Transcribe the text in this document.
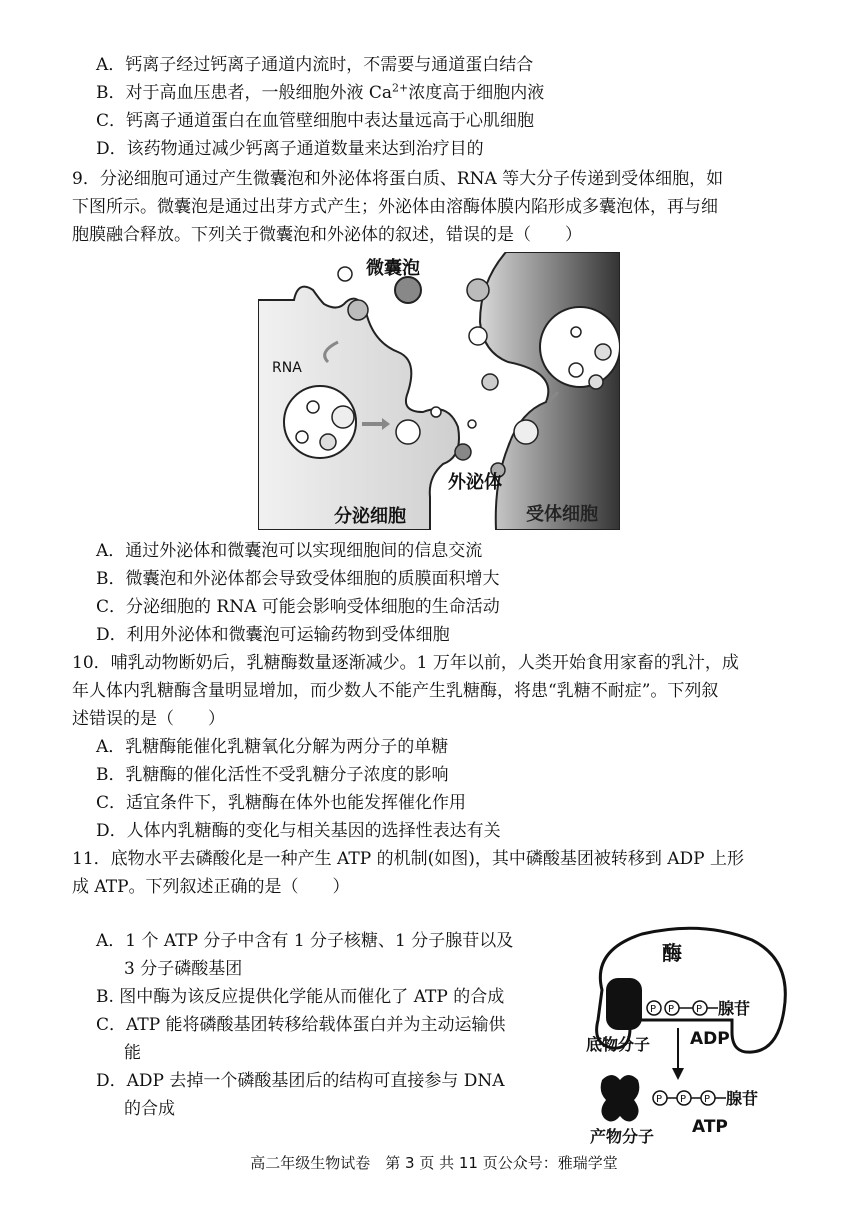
A．钙离子经过钙离子通道内流时，不需要与通道蛋白结合
B．对于高血压患者，一般细胞外液 $Ca^{2+}$浓度高于细胞内液
C．钙离子通道蛋白在血管壁细胞中表达量远高于心肌细胞
D．该药物通过减少钙离子通道数量来达到治疗目的
9．分泌细胞可通过产生微囊泡和外泌体将蛋白质、RNA 等大分子传递到受体细胞，如
下图所示。微囊泡是通过出芽方式产生；外泌体由溶酶体膜内陷形成多囊泡体，再与细
胞膜融合释放。下列关于微囊泡和外泌体的叙述，错误的是（　　）
微囊泡
RNA
外泌体
分泌细胞	受体细胞
A．通过外泌体和微囊泡可以实现细胞间的信息交流
B．微囊泡和外泌体都会导致受体细胞的质膜面积增大
C．分泌细胞的 RNA 可能会影响受体细胞的生命活动
D．利用外泌体和微囊泡可运输药物到受体细胞
10．哺乳动物断奶后，乳糖酶数量逐渐减少。1 万年以前，人类开始食用家畜的乳汁，成
年人体内乳糖酶含量明显增加，而少数人不能产生乳糖酶，将患“乳糖不耐症”。下列叙
述错误的是（　　）
A．乳糖酶能催化乳糖氧化分解为两分子的单糖
B．乳糖酶的催化活性不受乳糖分子浓度的影响
C．适宜条件下，乳糖酶在体外也能发挥催化作用
D．人体内乳糖酶的变化与相关基因的选择性表达有关
11．底物水平去磷酸化是一种产生 ATP 的机制(如图)，其中磷酸基团被转移到 ADP 上形
成 ATP。下列叙述正确的是（　　）
A．1 个 ATP 分子中含有 1 分子核糖、1 分子腺苷以及
3 分子磷酸基团
B. 图中酶为该反应提供化学能从而催化了 ATP 的合成
C．ATP 能将磷酸基团转移给载体蛋白并为主动运输供
能
D．ADP 去掉一个磷酸基团后的结构可直接参与 DNA
的合成
酶
底物分子
P P P 腺苷
ADP
产物分子
P P P 腺苷
ATP
高二年级生物试卷　第 3 页 共 11 页公众号：雅瑞学堂
